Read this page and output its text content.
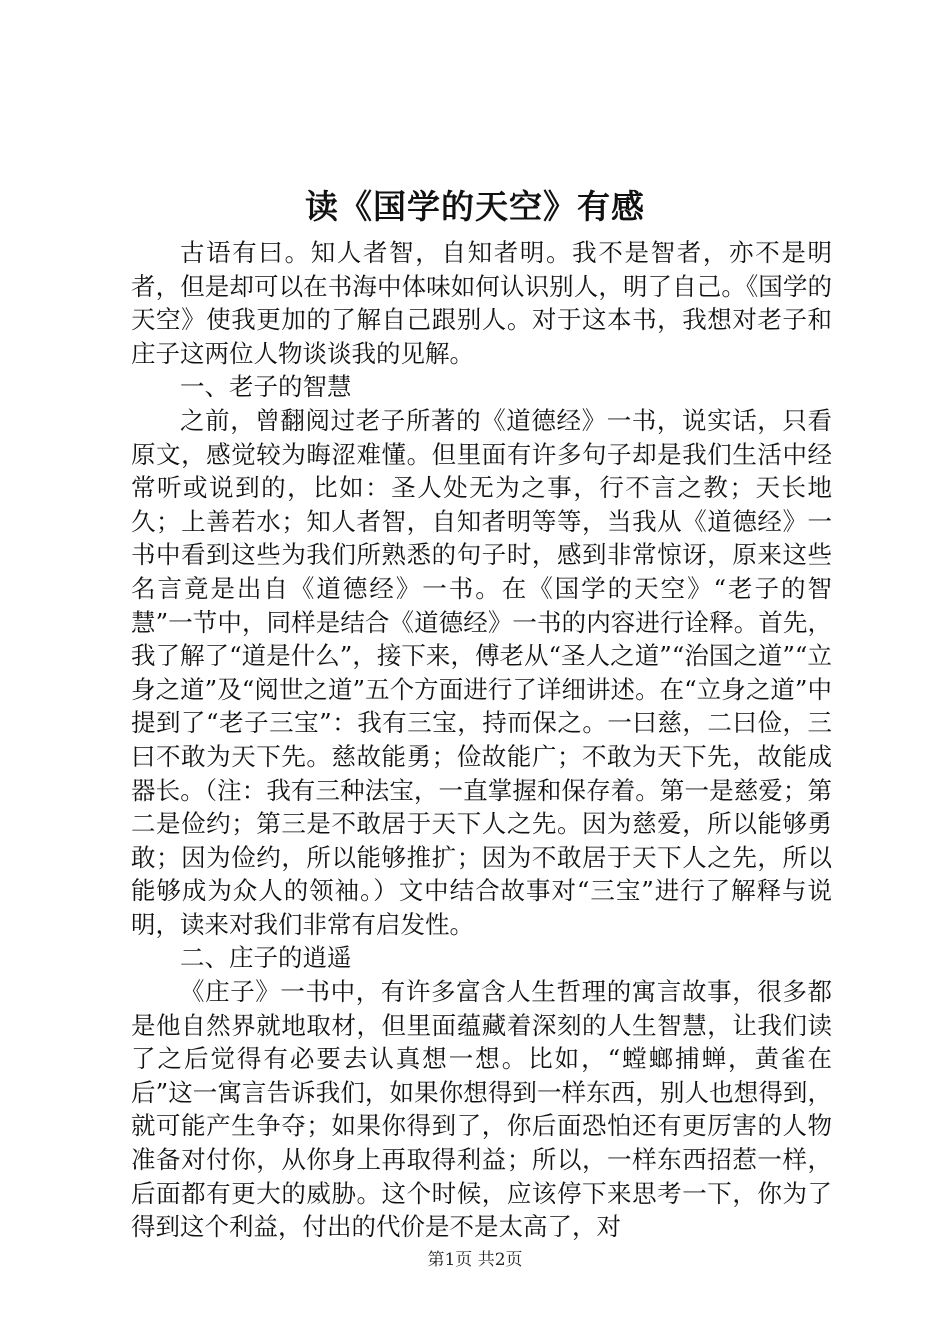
读《国学的天空》有感

古语有曰。知人者智，自知者明。我不是智者，亦不是明者，但是却可以在书海中体味如何认识别人，明了自己。《国学的天空》使我更加的了解自己跟别人。对于这本书，我想对老子和庄子这两位人物谈谈我的见解。

一、老子的智慧

之前，曾翻阅过老子所著的《道德经》一书，说实话，只看原文，感觉较为晦涩难懂。但里面有许多句子却是我们生活中经常听或说到的，比如：圣人处无为之事，行不言之教；天长地久；上善若水；知人者智，自知者明等等，当我从《道德经》一书中看到这些为我们所熟悉的句子时，感到非常惊讶，原来这些名言竟是出自《道德经》一书。在《国学的天空》“老子的智慧”一节中，同样是结合《道德经》一书的内容进行诠释。首先，我了解了“道是什么”，接下来，傅老从“圣人之道”“治国之道”“立身之道”及“阅世之道”五个方面进行了详细讲述。在“立身之道”中提到了“老子三宝”：我有三宝，持而保之。一曰慈，二曰俭，三曰不敢为天下先。慈故能勇；俭故能广；不敢为天下先，故能成器长。（注：我有三种法宝，一直掌握和保存着。第一是慈爱；第二是俭约；第三是不敢居于天下人之先。因为慈爱，所以能够勇敢；因为俭约，所以能够推扩；因为不敢居于天下人之先，所以能够成为众人的领袖。）文中结合故事对“三宝”进行了解释与说明，读来对我们非常有启发性。

二、庄子的逍遥

《庄子》一书中，有许多富含人生哲理的寓言故事，很多都是他自然界就地取材，但里面蕴藏着深刻的人生智慧，让我们读了之后觉得有必要去认真想一想。比如，“螳螂捕蝉，黄雀在后”这一寓言告诉我们，如果你想得到一样东西，别人也想得到，就可能产生争夺；如果你得到了，你后面恐怕还有更厉害的人物准备对付你，从你身上再取得利益；所以，一样东西招惹一样，后面都有更大的威胁。这个时候，应该停下来思考一下，你为了得到这个利益，付出的代价是不是太高了，对

第1页 共2页
